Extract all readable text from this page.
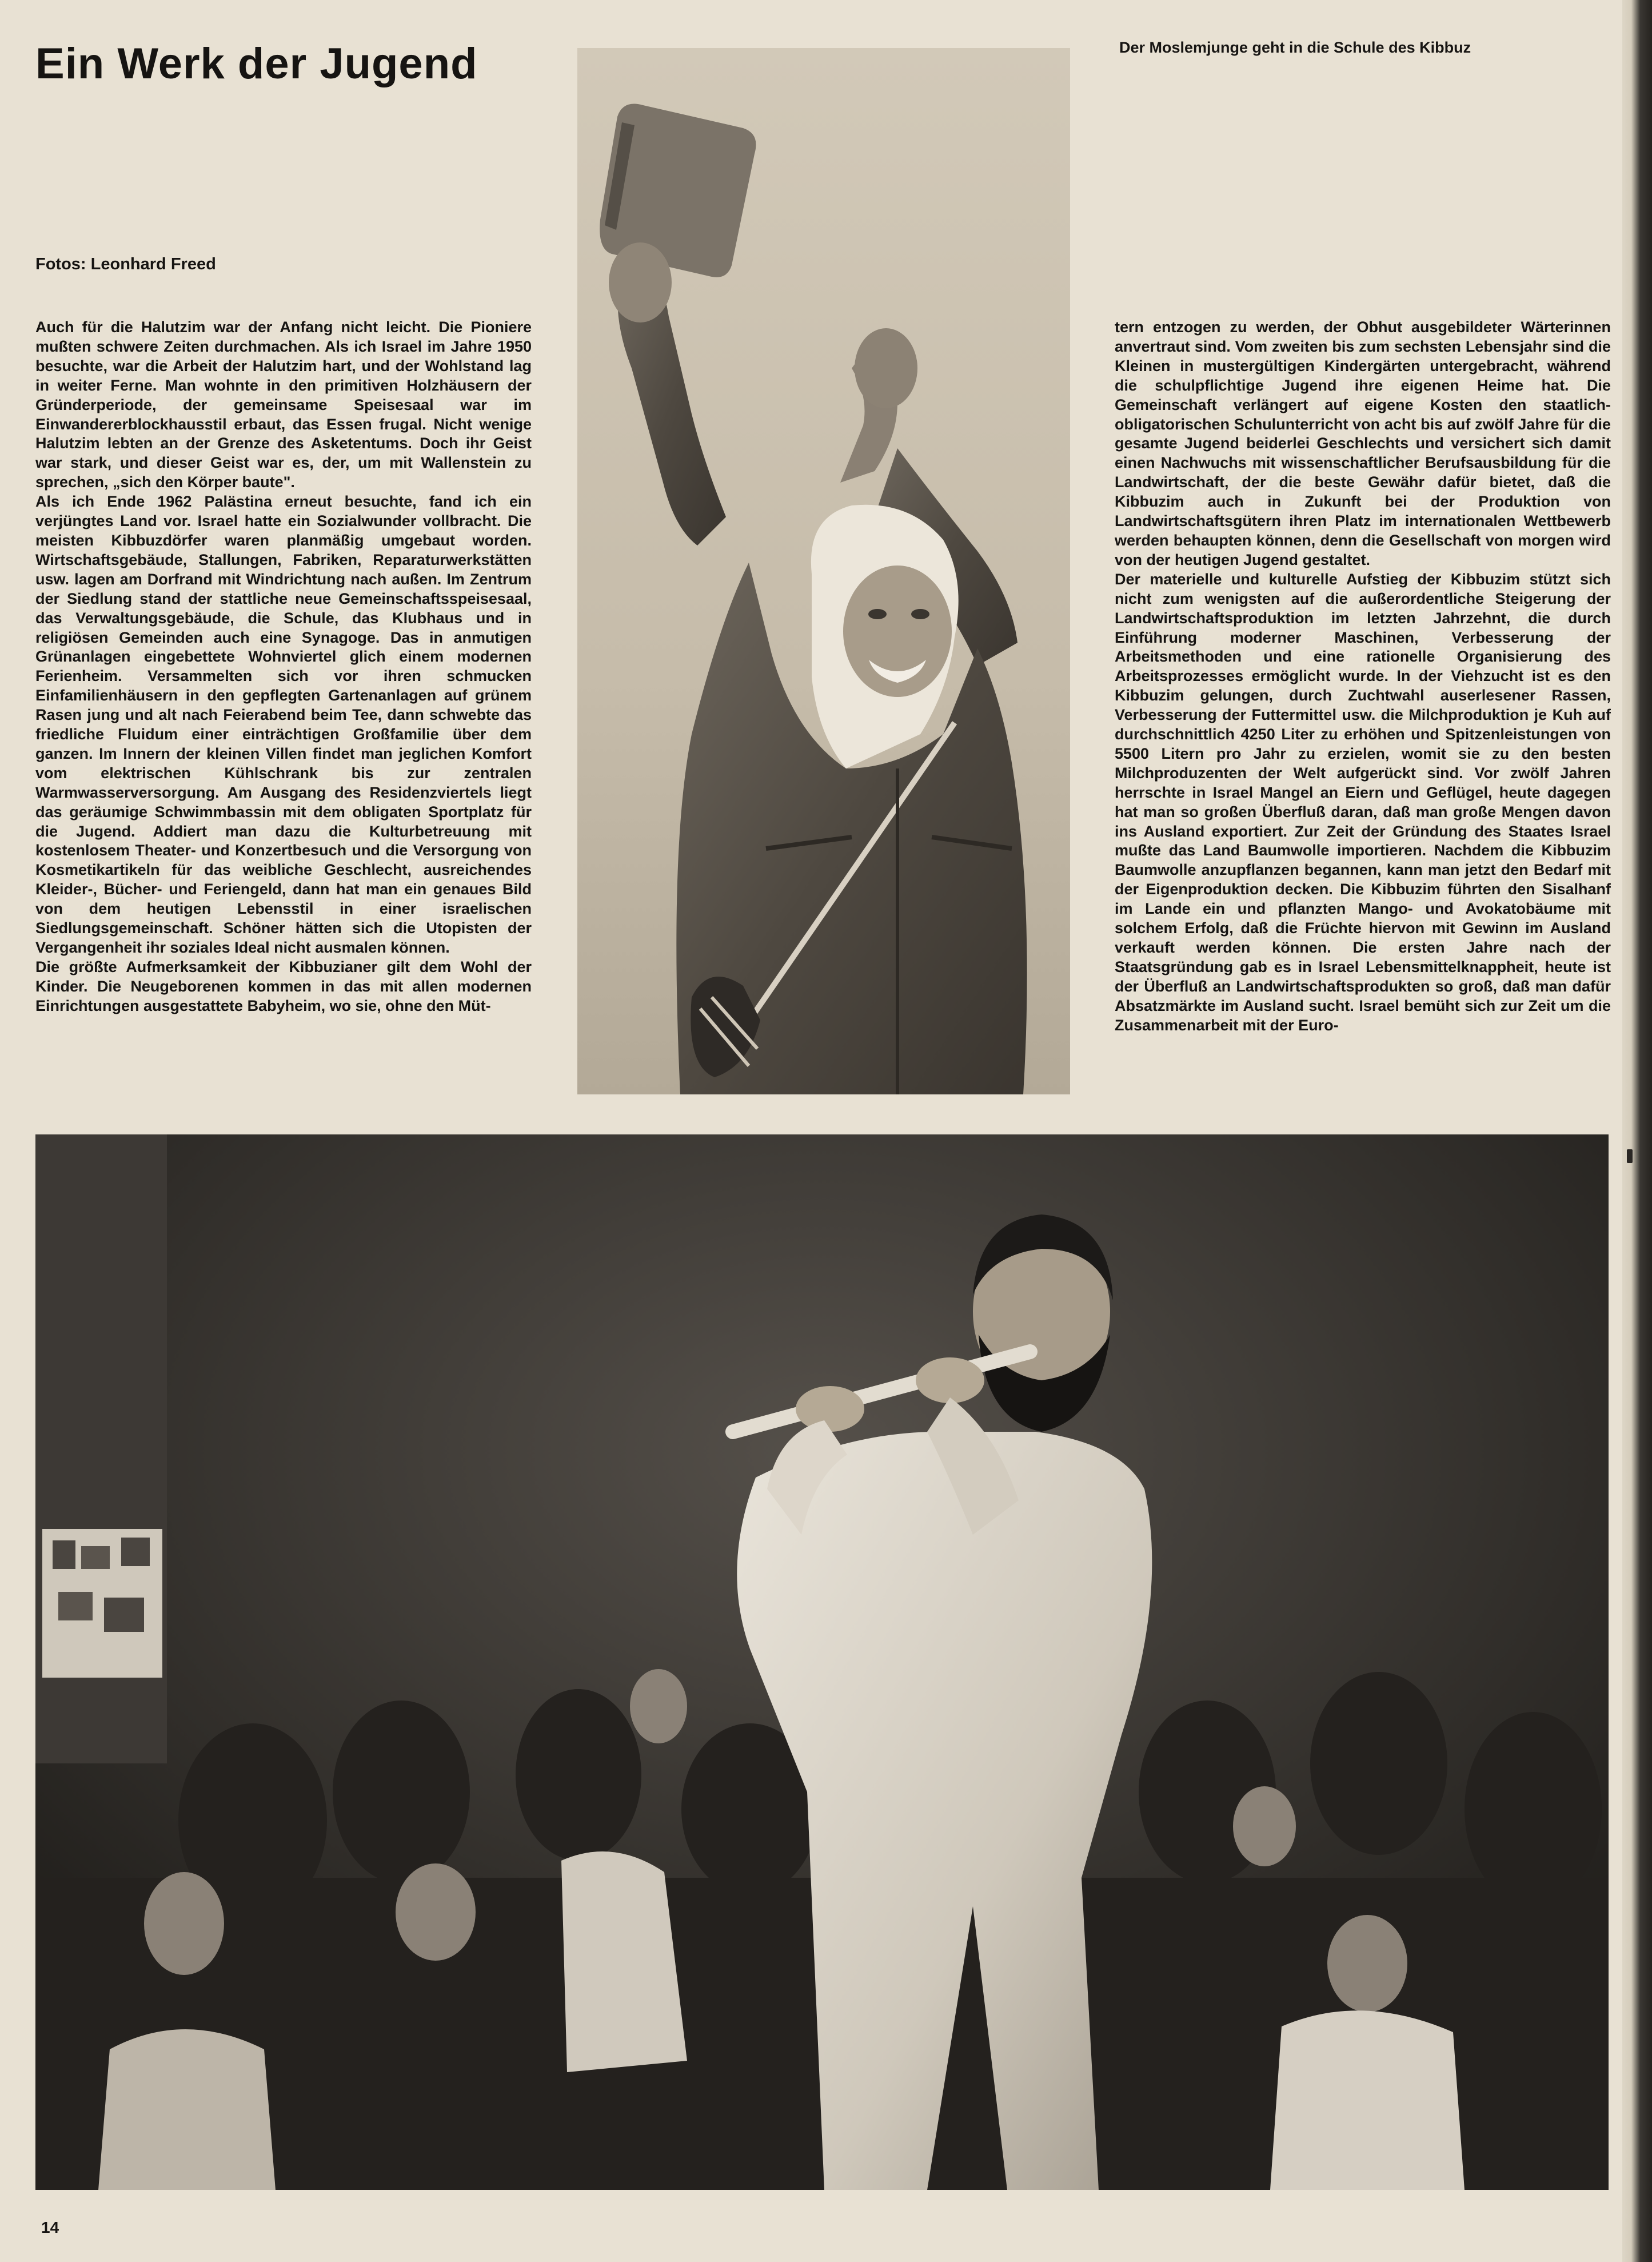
Ein Werk der Jugend	Der Moslemjunge geht in die Schule des Kibbuz

Fotos: Leonhard Freed

Auch für die Halutzim war der Anfang nicht leicht. Die Pioniere mußten schwere Zeiten durchmachen. Als ich Israel im Jahre 1950 besuchte, war die Arbeit der Halutzim hart, und der Wohlstand lag in weiter Ferne. Man wohnte in den primitiven Holzhäusern der Gründerperiode, der gemeinsame Speisesaal war im Einwandererblockhausstil erbaut, das Essen frugal. Nicht wenige Halutzim lebten an der Grenze des Asketentums. Doch ihr Geist war stark, und dieser Geist war es, der, um mit Wallenstein zu sprechen, „sich den Körper baute".

Als ich Ende 1962 Palästina erneut besuchte, fand ich ein verjüngtes Land vor. Israel hatte ein Sozialwunder vollbracht. Die meisten Kibbuzdörfer waren planmäßig umgebaut worden. Wirtschaftsgebäude, Stallungen, Fabriken, Reparaturwerkstätten usw. lagen am Dorfrand mit Windrichtung nach außen. Im Zentrum der Siedlung stand der stattliche neue Gemeinschaftsspeisesaal, das Verwaltungsgebäude, die Schule, das Klubhaus und in religiösen Gemeinden auch eine Synagoge. Das in anmutigen Grünanlagen eingebettete Wohnviertel glich einem modernen Ferienheim. Versammelten sich vor ihren schmucken Einfamilienhäusern in den gepflegten Gartenanlagen auf grünem Rasen jung und alt nach Feierabend beim Tee, dann schwebte das friedliche Fluidum einer einträchtigen Großfamilie über dem ganzen. Im Innern der kleinen Villen findet man jeglichen Komfort vom elektrischen Kühlschrank bis zur zentralen Warmwasserversorgung. Am Ausgang des Residenzviertels liegt das geräumige Schwimmbassin mit dem obligaten Sportplatz für die Jugend. Addiert man dazu die Kulturbetreuung mit kostenlosem Theater- und Konzertbesuch und die Versorgung von Kosmetikartikeln für das weibliche Geschlecht, ausreichendes Kleider-, Bücher- und Feriengeld, dann hat man ein genaues Bild von dem heutigen Lebensstil in einer israelischen Siedlungsgemeinschaft. Schöner hätten sich die Utopisten der Vergangenheit ihr soziales Ideal nicht ausmalen können.

Die größte Aufmerksamkeit der Kibbuzianer gilt dem Wohl der Kinder. Die Neugeborenen kommen in das mit allen modernen Einrichtungen ausgestattete Babyheim, wo sie, ohne den Müt-

tern entzogen zu werden, der Obhut ausgebildeter Wärterinnen anvertraut sind. Vom zweiten bis zum sechsten Lebensjahr sind die Kleinen in mustergültigen Kindergärten untergebracht, während die schulpflichtige Jugend ihre eigenen Heime hat. Die Gemeinschaft verlängert auf eigene Kosten den staatlich-obligatorischen Schulunterricht von acht bis auf zwölf Jahre für die gesamte Jugend beiderlei Geschlechts und versichert sich damit einen Nachwuchs mit wissenschaftlicher Berufsausbildung für die Landwirtschaft, der die beste Gewähr dafür bietet, daß die Kibbuzim auch in Zukunft bei der Produktion von Landwirtschaftsgütern ihren Platz im internationalen Wettbewerb werden behaupten können, denn die Gesellschaft von morgen wird von der heutigen Jugend gestaltet.

Der materielle und kulturelle Aufstieg der Kibbuzim stützt sich nicht zum wenigsten auf die außerordentliche Steigerung der Landwirtschaftsproduktion im letzten Jahrzehnt, die durch Einführung moderner Maschinen, Verbesserung der Arbeitsmethoden und eine rationelle Organisierung des Arbeitsprozesses ermöglicht wurde. In der Viehzucht ist es den Kibbuzim gelungen, durch Zuchtwahl auserlesener Rassen, Verbesserung der Futtermittel usw. die Milchproduktion je Kuh auf durchschnittlich 4250 Liter zu erhöhen und Spitzenleistungen von 5500 Litern pro Jahr zu erzielen, womit sie zu den besten Milchproduzenten der Welt aufgerückt sind. Vor zwölf Jahren herrschte in Israel Mangel an Eiern und Geflügel, heute dagegen hat man so großen Überfluß daran, daß man große Mengen davon ins Ausland exportiert. Zur Zeit der Gründung des Staates Israel mußte das Land Baumwolle importieren. Nachdem die Kibbuzim Baumwolle anzupflanzen begannen, kann man jetzt den Bedarf mit der Eigenproduktion decken. Die Kibbuzim führten den Sisalhanf im Lande ein und pflanzten Mango- und Avokatobäume mit solchem Erfolg, daß die Früchte hiervon mit Gewinn im Ausland verkauft werden können. Die ersten Jahre nach der Staatsgründung gab es in Israel Lebensmittelknappheit, heute ist der Überfluß an Landwirtschaftsprodukten so groß, daß man dafür Absatzmärkte im Ausland sucht. Israel bemüht sich zur Zeit um die Zusammenarbeit mit der Euro-

14
